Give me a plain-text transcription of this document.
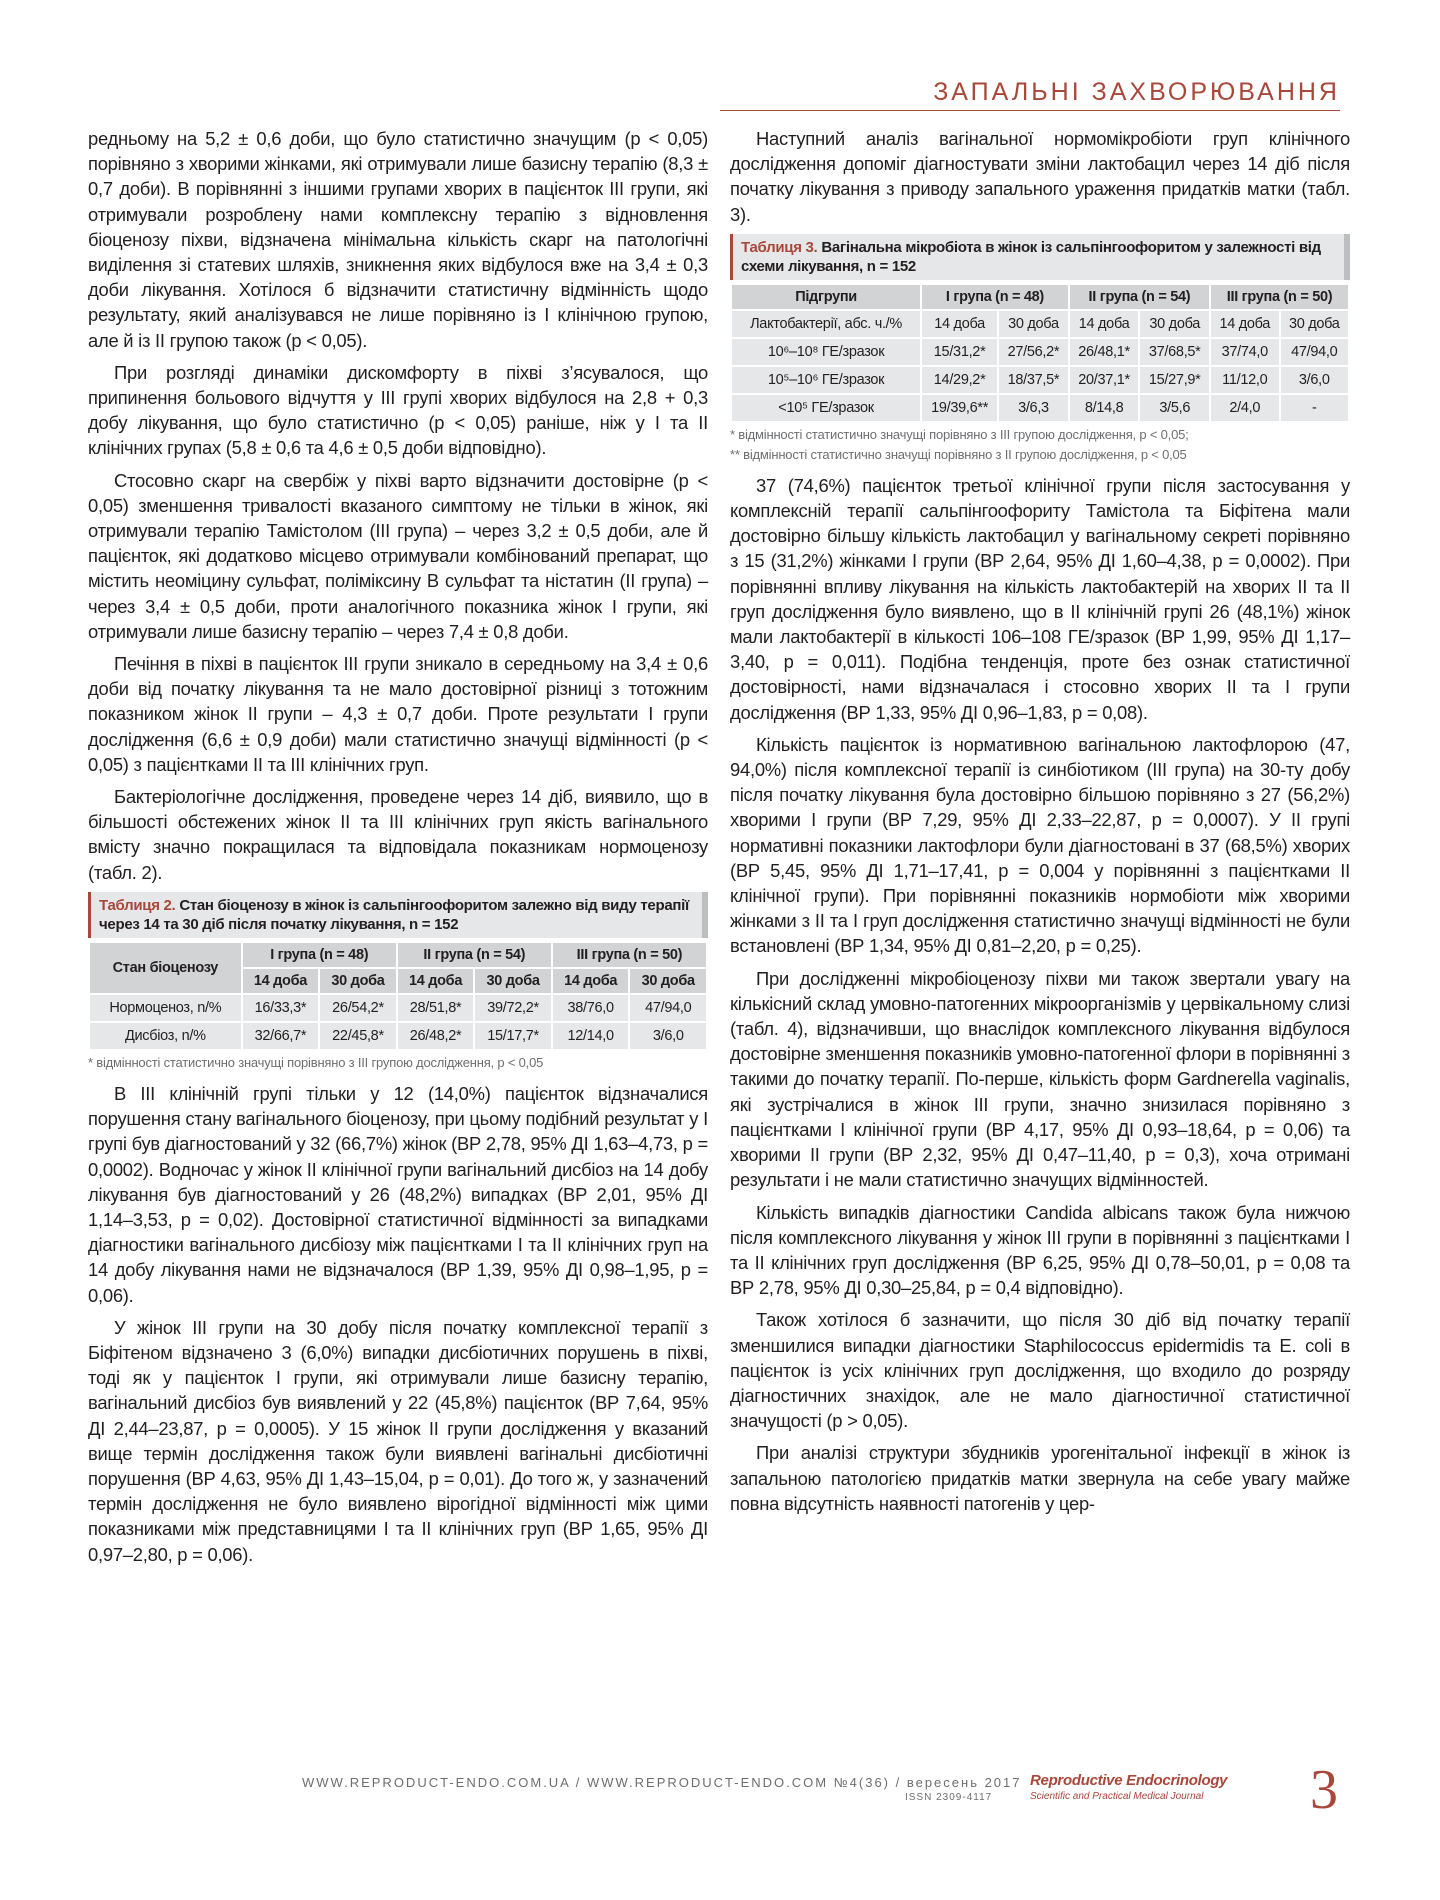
ЗАПАЛЬНІ ЗАХВОРЮВАННЯ

редньому на 5,2 ± 0,6 доби, що було статистично значущим (p < 0,05) порівняно з хворими жінками, які отримували лише базисну терапію (8,3 ± 0,7 доби). В порівнянні з іншими групами хворих в пацієнток ІІІ групи, які отримували розроблену нами комплексну терапію з відновлення біоценозу піхви, відзначена мінімальна кількість скарг на патологічні виділення зі статевих шляхів, зникнення яких відбулося вже на 3,4 ± 0,3 доби лікування. Хотілося б відзначити статистичну відмінність щодо результату, який аналізувався не лише порівняно із І клінічною групою, але й із ІІ групою також (p < 0,05).

При розгляді динаміки дискомфорту в піхві з’ясувалося, що припинення больового відчуття у ІІІ групі хворих відбулося на 2,8 + 0,3 добу лікування, що було статистично (p < 0,05) раніше, ніж у І та ІІ клінічних групах (5,8 ± 0,6 та 4,6 ± 0,5 доби відповідно).

Стосовно скарг на свербіж у піхві варто відзначити достовірне (p < 0,05) зменшення тривалості вказаного симптому не тільки в жінок, які отримували терапію Тамістолом (ІІІ група) – через 3,2 ± 0,5 доби, але й пацієнток, які додатково місцево отримували комбінований препарат, що містить неоміцину сульфат, поліміксину В сульфат та ністатин (ІІ група) – через 3,4 ± 0,5 доби, проти аналогічного показника жінок І групи, які отримували лише базисну терапію – через 7,4 ± 0,8 доби.

Печіння в піхві в пацієнток ІІІ групи зникало в середньому на 3,4 ± 0,6 доби від початку лікування та не мало достовірної різниці з тотожним показником жінок ІІ групи – 4,3 ± 0,7 доби. Проте результати І групи дослідження (6,6 ± 0,9 доби) мали статистично значущі відмінності (p < 0,05) з пацієнтками ІІ та ІІІ клінічних груп.

Бактеріологічне дослідження, проведене через 14 діб, виявило, що в більшості обстежених жінок ІІ та ІІІ клінічних груп якість вагінального вмісту значно покращилася та відповідала показникам нормоценозу (табл. 2).

Таблиця 2. Стан біоценозу в жінок із сальпінгоофоритом залежно від виду терапії через 14 та 30 діб після початку лікування, n = 152
Стан біоценозу	І група (n = 48)		ІІ група (n = 54)		ІІІ група (n = 50)	
	14 доба	30 доба	14 доба	30 доба	14 доба	30 доба
Нормоценоз, n/%	16/33,3*	26/54,2*	28/51,8*	39/72,2*	38/76,0	47/94,0
Дисбіоз, n/%	32/66,7*	22/45,8*	26/48,2*	15/17,7*	12/14,0	3/6,0
* відмінності статистично значущі порівняно з ІІІ групою дослідження, p < 0,05

В ІІІ клінічній групі тільки у 12 (14,0%) пацієнток відзначалися порушення стану вагінального біоценозу, при цьому подібний результат у І групі був діагностований у 32 (66,7%) жінок (ВР 2,78, 95% ДІ 1,63–4,73, p = 0,0002). Водночас у жінок ІІ клінічної групи вагінальний дисбіоз на 14 добу лікування був діагностований у 26 (48,2%) випадках (ВР 2,01, 95% ДІ 1,14–3,53, p = 0,02). Достовірної статистичної відмінності за випадками діагностики вагінального дисбіозу між пацієнтками І та ІІ клінічних груп на 14 добу лікування нами не відзначалося (ВР 1,39, 95% ДІ 0,98–1,95, p = 0,06).

У жінок ІІІ групи на 30 добу після початку комплексної терапії з Біфітеном відзначено 3 (6,0%) випадки дисбіотичних порушень в піхві, тоді як у пацієнток І групи, які отримували лише базисну терапію, вагінальний дисбіоз був виявлений у 22 (45,8%) пацієнток (ВР 7,64, 95% ДІ 2,44–23,87, p = 0,0005). У 15 жінок ІІ групи дослідження у вказаний вище термін дослідження також були виявлені вагінальні дисбіотичні порушення (ВР 4,63, 95% ДІ 1,43–15,04, p = 0,01). До того ж, у зазначений термін дослідження не було виявлено вірогідної відмінності між цими показниками між представницями І та ІІ клінічних груп (ВР 1,65, 95% ДІ 0,97–2,80, p = 0,06).

Наступний аналіз вагінальної нормомікробіоти груп клінічного дослідження допоміг діагностувати зміни лактобацил через 14 діб після початку лікування з приводу запального ураження придатків матки (табл. 3).

Таблиця 3. Вагінальна мікробіота в жінок із сальпінгоофоритом у залежності від схеми лікування, n = 152
Підгрупи	І група (n = 48)		ІІ група (n = 54)		ІІІ група (n = 50)	
Лактобактерії, абс. ч./%	14 доба	30 доба	14 доба	30 доба	14 доба	30 доба
10⁶–10⁸ ГЕ/зразок	15/31,2*	27/56,2*	26/48,1*	37/68,5*	37/74,0	47/94,0
10⁵–10⁶ ГЕ/зразок	14/29,2*	18/37,5*	20/37,1*	15/27,9*	11/12,0	3/6,0
<10⁵ ГЕ/зразок	19/39,6**	3/6,3	8/14,8	3/5,6	2/4,0	-
* відмінності статистично значущі порівняно з ІІІ групою дослідження, p < 0,05;
** відмінності статистично значущі порівняно з ІІ групою дослідження, p < 0,05

37 (74,6%) пацієнток третьої клінічної групи після застосування у комплексній терапії сальпінгоофориту Тамістола та Біфітена мали достовірно більшу кількість лактобацил у вагінальному секреті порівняно з 15 (31,2%) жінками І групи (ВР 2,64, 95% ДІ 1,60–4,38, p = 0,0002). При порівнянні впливу лікування на кількість лактобактерій на хворих ІІ та ІІ груп дослідження було виявлено, що в ІІ клінічній групі 26 (48,1%) жінок мали лактобактерії в кількості 106–108 ГЕ/зразок (ВР 1,99, 95% ДІ 1,17–3,40, p = 0,011). Подібна тенденція, проте без ознак статистичної достовірності, нами відзначалася і стосовно хворих ІІ та І групи дослідження (ВР 1,33, 95% ДІ 0,96–1,83, p = 0,08).

Кількість пацієнток із нормативною вагінальною лактофлорою (47, 94,0%) після комплексної терапії із синбіотиком (ІІІ група) на 30-ту добу після початку лікування була достовірно більшою порівняно з 27 (56,2%) хворими І групи (ВР 7,29, 95% ДІ 2,33–22,87, p = 0,0007). У ІІ групі нормативні показники лактофлори були діагностовані в 37 (68,5%) хворих (ВР 5,45, 95% ДІ 1,71–17,41, p = 0,004 у порівнянні з пацієнтками ІІ клінічної групи). При порівнянні показників нормобіоти між хворими жінками з ІІ та І груп дослідження статистично значущі відмінності не були встановлені (ВР 1,34, 95% ДІ 0,81–2,20, p = 0,25).

При дослідженні мікробіоценозу піхви ми також звертали увагу на кількісний склад умовно-патогенних мікроорганізмів у цервікальному слизі (табл. 4), відзначивши, що внаслідок комплексного лікування відбулося достовірне зменшення показників умовно-патогенної флори в порівнянні з такими до початку терапії. По-перше, кількість форм Gardnerella vaginalis, які зустрічалися в жінок ІІІ групи, значно знизилася порівняно з пацієнтками І клінічної групи (ВР 4,17, 95% ДІ 0,93–18,64, p = 0,06) та хворими ІІ групи (ВР 2,32, 95% ДІ 0,47–11,40, p = 0,3), хоча отримані результати і не мали статистично значущих відмінностей.

Кількість випадків діагностики Candida albicans також була нижчою після комплексного лікування у жінок ІІІ групи в порівнянні з пацієнтками І та ІІ клінічних груп дослідження (ВР 6,25, 95% ДІ 0,78–50,01, p = 0,08 та ВР 2,78, 95% ДІ 0,30–25,84, p = 0,4 відповідно).

Також хотілося б зазначити, що після 30 діб від початку терапії зменшилися випадки діагностики Staphilococcus epidermidis та E. coli в пацієнток із усіх клінічних груп дослідження, що входило до розряду діагностичних знахідок, але не мало діагностичної статистичної значущості (p > 0,05).

При аналізі структури збудників урогенітальної інфекції в жінок із запальною патологією придатків матки звернула на себе увагу майже повна відсутність наявності патогенів у цер-

WWW.REPRODUCT-ENDO.COM.UA / WWW.REPRODUCT-ENDO.COM №4(36) / вересень 2017
ISSN 2309-4117
Reproductive Endocrinology
Scientific and Practical Medical Journal 3
